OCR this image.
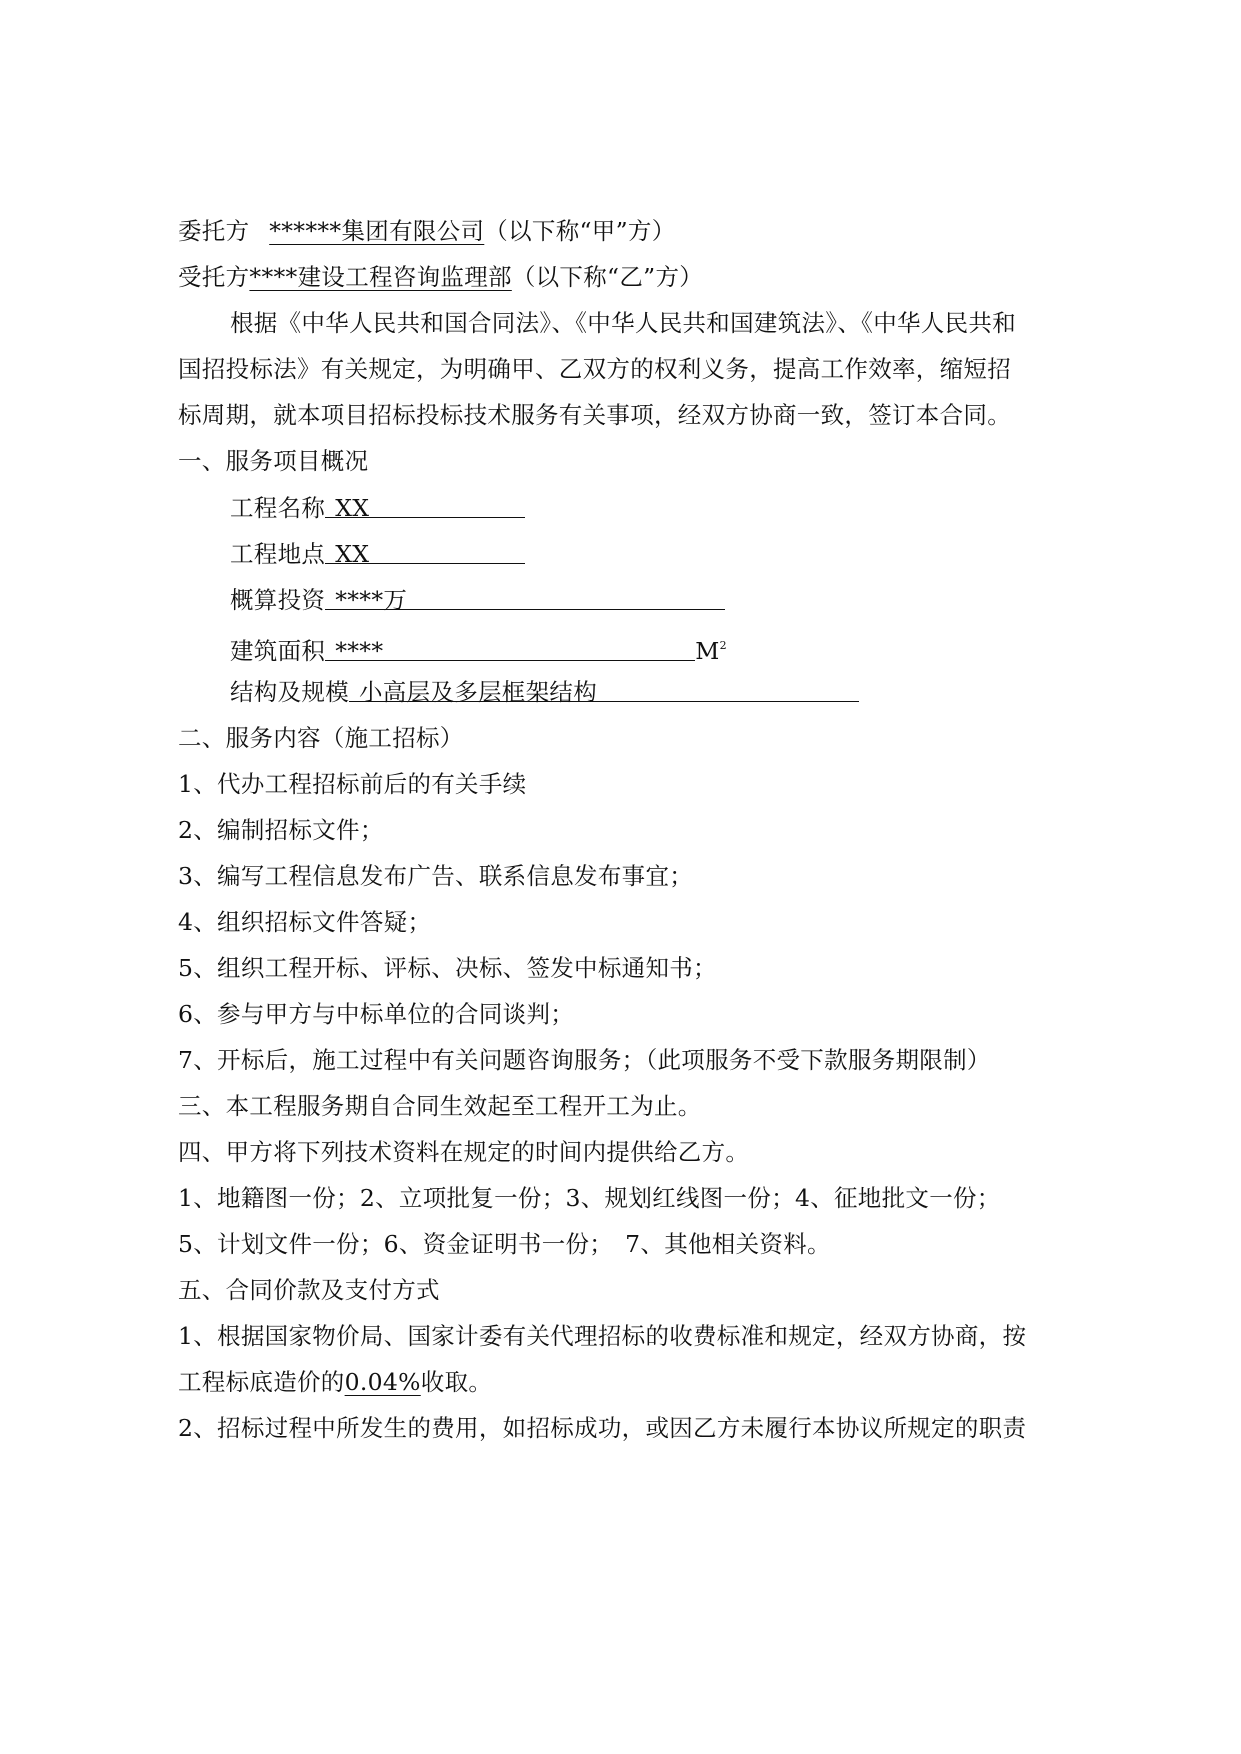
委托方 ******集团有限公司（以下称“甲”方）
受托方****建设工程咨询监理部（以下称“乙”方）
根据《中华人民共和国合同法》、《中华人民共和国建筑法》、《中华人民共和
国招投标法》有关规定，为明确甲、乙双方的权利义务，提高工作效率，缩短招
标周期，就本项目招标投标技术服务有关事项，经双方协商一致，签订本合同。
一、服务项目概况
工程名称 XX
工程地点 XX
概算投资 ****万
建筑面积 ****	$M^2$
结构及规模 小高层及多层框架结构
二、服务内容（施工招标）
1、代办工程招标前后的有关手续
2、编制招标文件；
3、编写工程信息发布广告、联系信息发布事宜；
4、组织招标文件答疑；
5、组织工程开标、评标、决标、签发中标通知书；
6、参与甲方与中标单位的合同谈判；
7、开标后，施工过程中有关问题咨询服务；（此项服务不受下款服务期限制）
三、本工程服务期自合同生效起至工程开工为止。
四、甲方将下列技术资料在规定的时间内提供给乙方。
1、地籍图一份；2、立项批复一份；3、规划红线图一份；4、征地批文一份；
5、计划文件一份；6、资金证明书一份；　7、其他相关资料。
五、合同价款及支付方式
1、根据国家物价局、国家计委有关代理招标的收费标准和规定，经双方协商，按
工程标底造价的0.04%收取。
2、招标过程中所发生的费用，如招标成功，或因乙方未履行本协议所规定的职责
